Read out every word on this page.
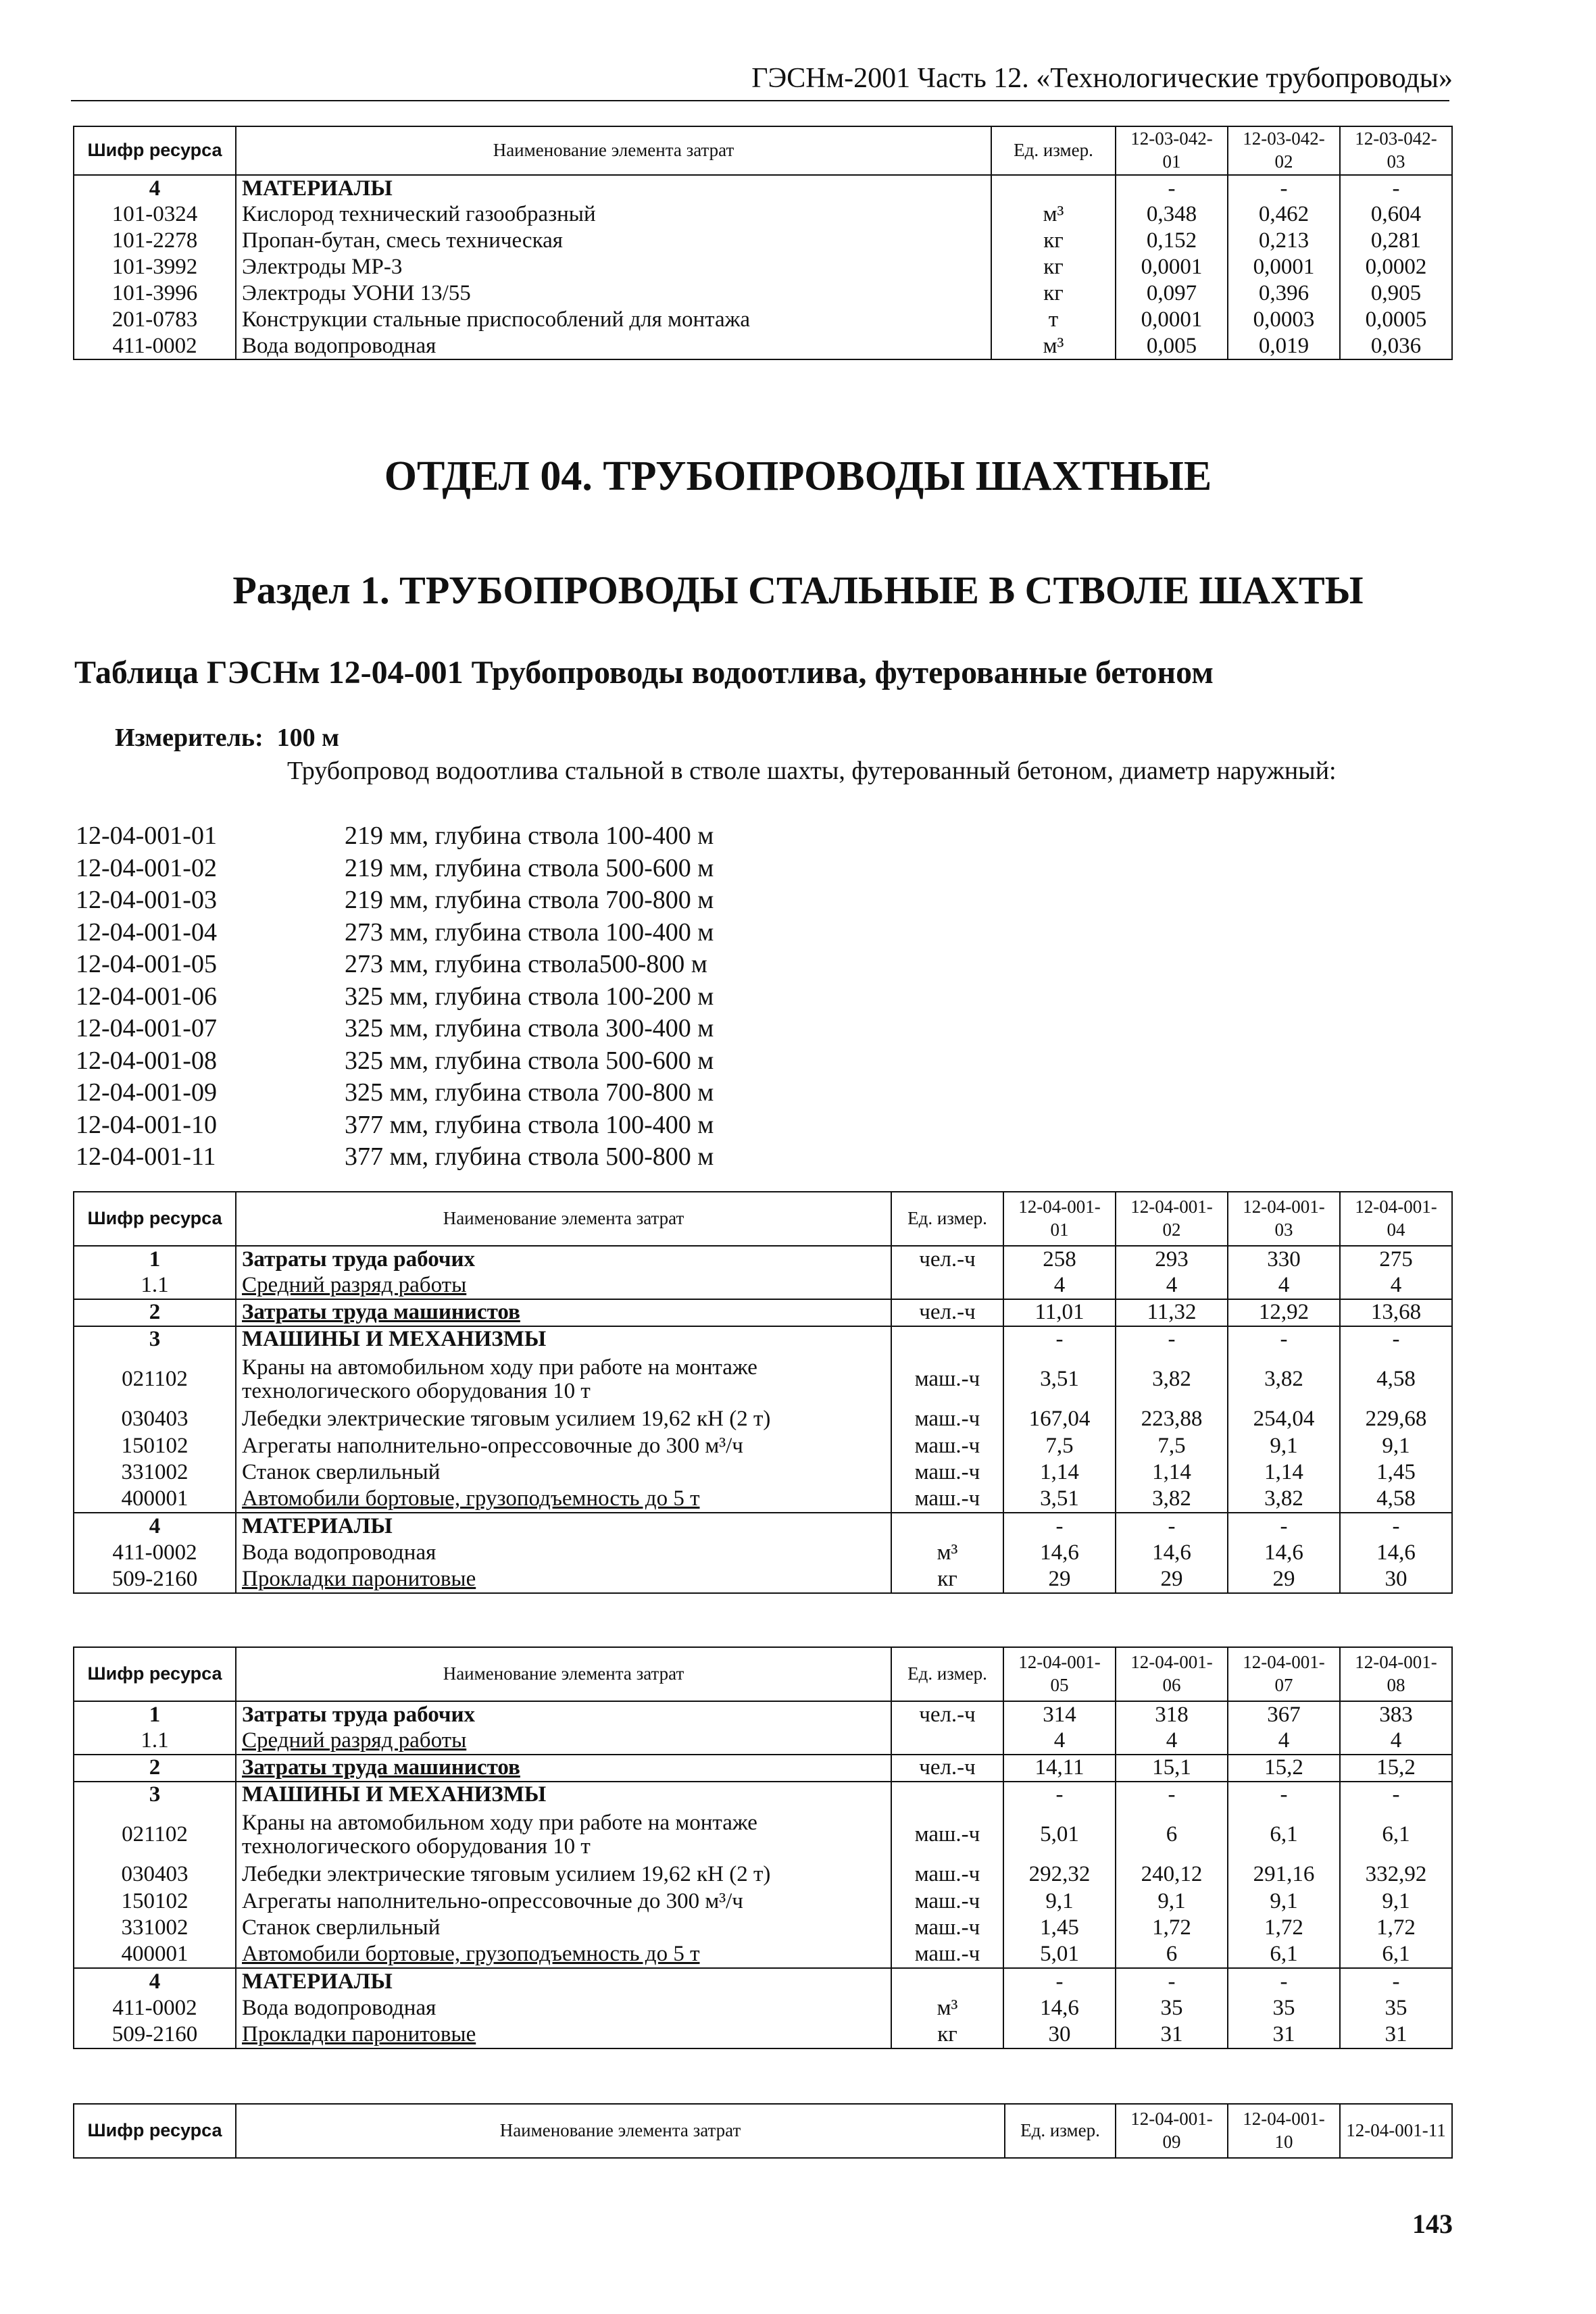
ГЭСНм-2001 Часть 12. «Технологические трубопроводы»
Шифр ресурса	Наименование элемента затрат	Ед. измер.	12-03-042-01	12-03-042-02	12-03-042-03
4	МАТЕРИАЛЫ		-	-	-
101-0324	Кислород технический газообразный	м³	0,348	0,462	0,604
101-2278	Пропан-бутан, смесь техническая	кг	0,152	0,213	0,281
101-3992	Электроды МР-3	кг	0,0001	0,0001	0,0002
101-3996	Электроды УОНИ 13/55	кг	0,097	0,396	0,905
201-0783	Конструкции стальные приспособлений для монтажа	т	0,0001	0,0003	0,0005
411-0002	Вода водопроводная	м³	0,005	0,019	0,036
ОТДЕЛ 04. ТРУБОПРОВОДЫ ШАХТНЫЕ
Раздел 1. ТРУБОПРОВОДЫ СТАЛЬНЫЕ В СТВОЛЕ ШАХТЫ
Таблица ГЭСНм 12-04-001 Трубопроводы водоотлива, футерованные бетоном
Измеритель: 100 м
Трубопровод водоотлива стальной в стволе шахты, футерованный бетоном, диаметр наружный:
12-04-001-01	219 мм, глубина ствола 100-400 м
12-04-001-02	219 мм, глубина ствола 500-600 м
12-04-001-03	219 мм, глубина ствола 700-800 м
12-04-001-04	273 мм, глубина ствола 100-400 м
12-04-001-05	273 мм, глубина ствола500-800 м
12-04-001-06	325 мм, глубина ствола 100-200 м
12-04-001-07	325 мм, глубина ствола 300-400 м
12-04-001-08	325 мм, глубина ствола 500-600 м
12-04-001-09	325 мм, глубина ствола 700-800 м
12-04-001-10	377 мм, глубина ствола 100-400 м
12-04-001-11	377 мм, глубина ствола 500-800 м
Шифр ресурса	Наименование элемента затрат	Ед. измер.	12-04-001-01	12-04-001-02	12-04-001-03	12-04-001-04
1	Затраты труда рабочих	чел.-ч	258	293	330	275
1.1	Средний разряд работы		4	4	4	4
2	Затраты труда машинистов	чел.-ч	11,01	11,32	12,92	13,68
3	МАШИНЫ И МЕХАНИЗМЫ		-	-	-	-
021102	Краны на автомобильном ходу при работе на монтаже технологического оборудования 10 т	маш.-ч	3,51	3,82	3,82	4,58
030403	Лебедки электрические тяговым усилием 19,62 кН (2 т)	маш.-ч	167,04	223,88	254,04	229,68
150102	Агрегаты наполнительно-опрессовочные до 300 м³/ч	маш.-ч	7,5	7,5	9,1	9,1
331002	Станок сверлильный	маш.-ч	1,14	1,14	1,14	1,45
400001	Автомобили бортовые, грузоподъемность до 5 т	маш.-ч	3,51	3,82	3,82	4,58
4	МАТЕРИАЛЫ		-	-	-	-
411-0002	Вода водопроводная	м³	14,6	14,6	14,6	14,6
509-2160	Прокладки паронитовые	кг	29	29	29	30
Шифр ресурса	Наименование элемента затрат	Ед. измер.	12-04-001-05	12-04-001-06	12-04-001-07	12-04-001-08
1	Затраты труда рабочих	чел.-ч	314	318	367	383
1.1	Средний разряд работы		4	4	4	4
2	Затраты труда машинистов	чел.-ч	14,11	15,1	15,2	15,2
3	МАШИНЫ И МЕХАНИЗМЫ		-	-	-	-
021102	Краны на автомобильном ходу при работе на монтаже технологического оборудования 10 т	маш.-ч	5,01	6	6,1	6,1
030403	Лебедки электрические тяговым усилием 19,62 кН (2 т)	маш.-ч	292,32	240,12	291,16	332,92
150102	Агрегаты наполнительно-опрессовочные до 300 м³/ч	маш.-ч	9,1	9,1	9,1	9,1
331002	Станок сверлильный	маш.-ч	1,45	1,72	1,72	1,72
400001	Автомобили бортовые, грузоподъемность до 5 т	маш.-ч	5,01	6	6,1	6,1
4	МАТЕРИАЛЫ		-	-	-	-
411-0002	Вода водопроводная	м³	14,6	35	35	35
509-2160	Прокладки паронитовые	кг	30	31	31	31
Шифр ресурса	Наименование элемента затрат	Ед. измер.	12-04-001-09	12-04-001-10	12-04-001-11
143
